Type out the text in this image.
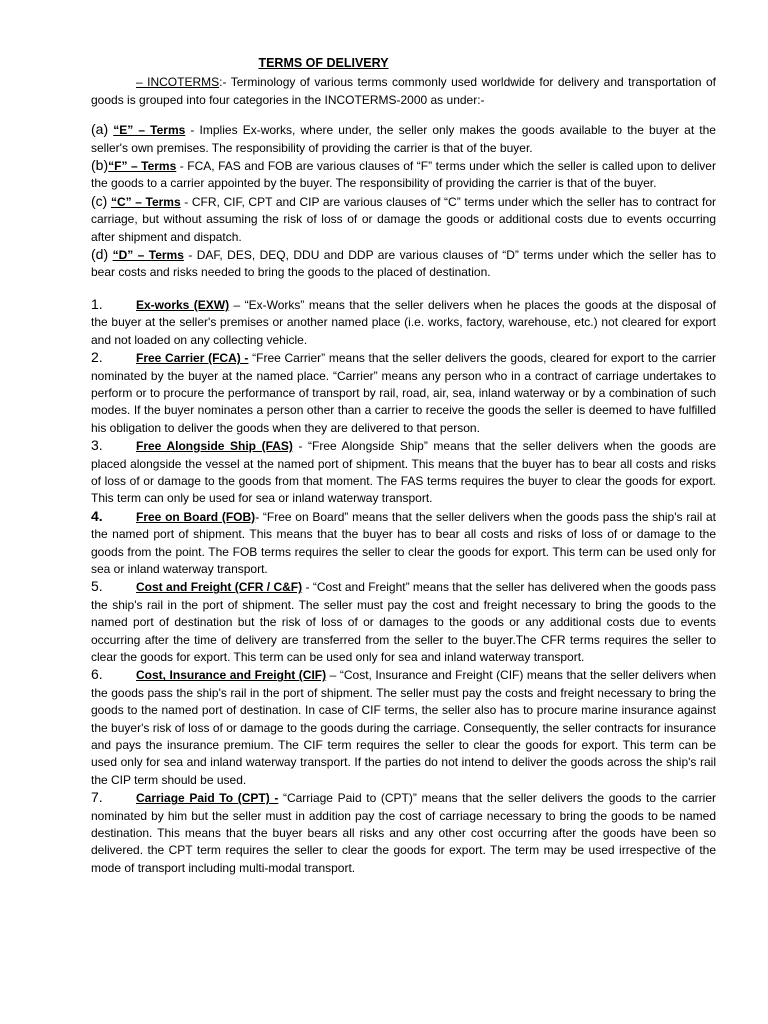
TERMS OF DELIVERY

– INCOTERMS:- Terminology of various terms commonly used worldwide for delivery and transportation of goods is grouped into four categories in the INCOTERMS-2000 as under:-

(a) “E” – Terms - Implies Ex-works, where under, the seller only makes the goods available to the buyer at the seller's own premises. The responsibility of providing the carrier is that of the buyer.

(b)“F” – Terms - FCA, FAS and FOB are various clauses of “F” terms under which the seller is called upon to deliver the goods to a carrier appointed by the buyer. The responsibility of providing the carrier is that of the buyer.

(c) “C” – Terms - CFR, CIF, CPT and CIP are various clauses of “C” terms under which the seller has to contract for carriage, but without assuming the risk of loss of or damage the goods or additional costs due to events occurring after shipment and dispatch.

(d) “D” – Terms - DAF, DES, DEQ, DDU and DDP are various clauses of “D” terms under which the seller has to bear costs and risks needed to bring the goods to the placed of destination.

1.	Ex-works (EXW) – “Ex-Works” means that the seller delivers when he places the goods at the disposal of the buyer at the seller's premises or another named place (i.e. works, factory, warehouse, etc.) not cleared for export and not loaded on any collecting vehicle.

2.	Free Carrier (FCA) - “Free Carrier” means that the seller delivers the goods, cleared for export to the carrier nominated by the buyer at the named place. “Carrier” means any person who in a contract of carriage undertakes to perform or to procure the performance of transport by rail, road, air, sea, inland waterway or by a combination of such modes. If the buyer nominates a person other than a carrier to receive the goods the seller is deemed to have fulfilled his obligation to deliver the goods when they are delivered to that person.

3.	Free Alongside Ship (FAS) - “Free Alongside Ship” means that the seller delivers when the goods are placed alongside the vessel at the named port of shipment. This means that the buyer has to bear all costs and risks of loss of or damage to the goods from that moment. The FAS terms requires the buyer to clear the goods for export. This term can only be used for sea or inland waterway transport.

4.	Free on Board (FOB)- “Free on Board” means that the seller delivers when the goods pass the ship's rail at the named port of shipment. This means that the buyer has to bear all costs and risks of loss of or damage to the goods from the point. The FOB terms requires the seller to clear the goods for export. This term can be used only for sea or inland waterway transport.

5.	Cost and Freight (CFR / C&F) - “Cost and Freight” means that the seller has delivered when the goods pass the ship's rail in the port of shipment. The seller must pay the cost and freight necessary to bring the goods to the named port of destination but the risk of loss of or damages to the goods or any additional costs due to events occurring after the time of delivery are transferred from the seller to the buyer.The CFR terms requires the seller to clear the goods for export. This term can be used only for sea and inland waterway transport.

6.	Cost, Insurance and Freight (CIF) – “Cost, Insurance and Freight (CIF) means that the seller delivers when the goods pass the ship's rail in the port of shipment. The seller must pay the costs and freight necessary to bring the goods to the named port of destination. In case of CIF terms, the seller also has to procure marine insurance against the buyer's risk of loss of or damage to the goods during the carriage. Consequently, the seller contracts for insurance and pays the insurance premium. The CIF term requires the seller to clear the goods for export. This term can be used only for sea and inland waterway transport. If the parties do not intend to deliver the goods across the ship's rail the CIP term should be used.

7.	Carriage Paid To (CPT) - “Carriage Paid to (CPT)” means that the seller delivers the goods to the carrier nominated by him but the seller must in addition pay the cost of carriage necessary to bring the goods to be named destination. This means that the buyer bears all risks and any other cost occurring after the goods have been so delivered. the CPT term requires the seller to clear the goods for export. The term may be used irrespective of the mode of transport including multi-modal transport.
